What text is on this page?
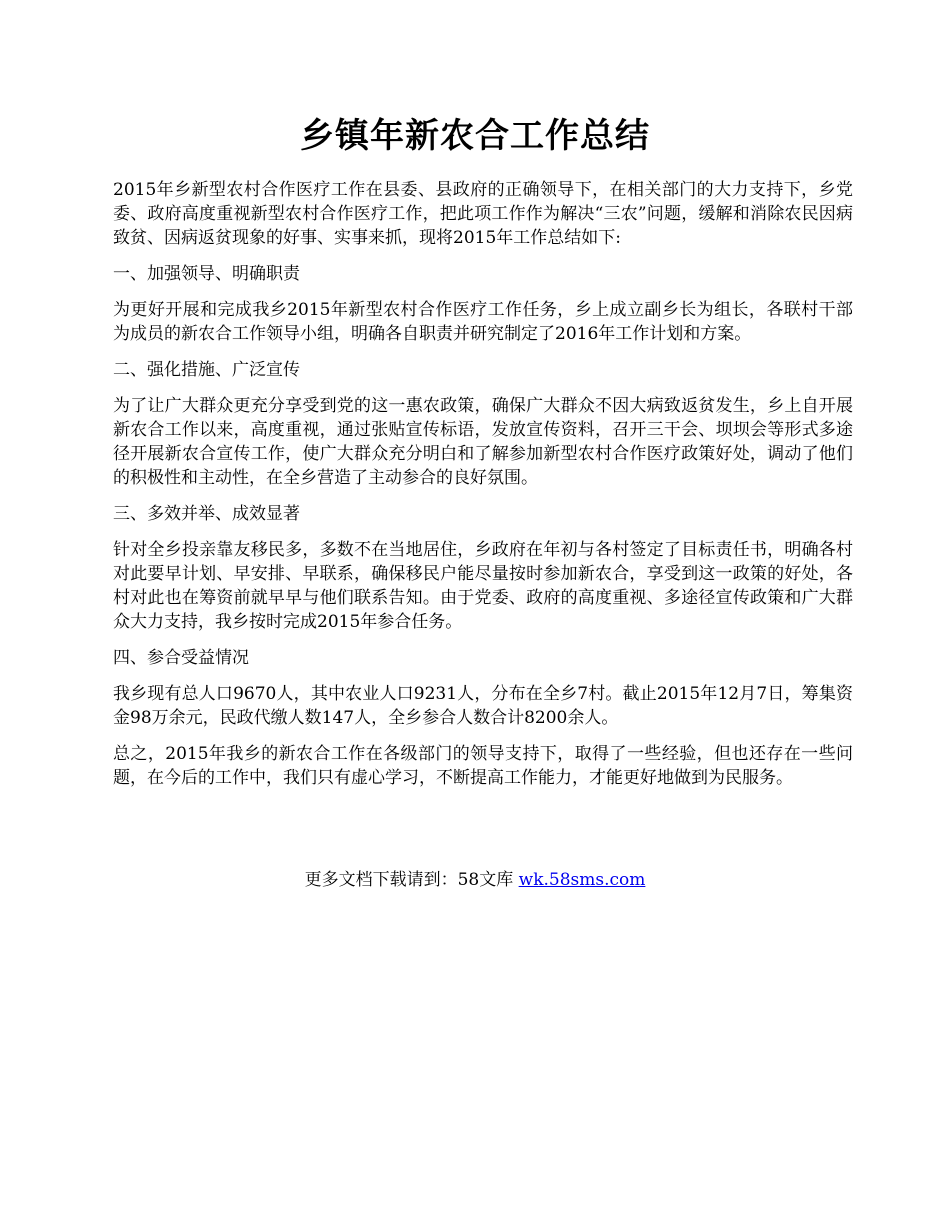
乡镇年新农合工作总结

2015年乡新型农村合作医疗工作在县委、县政府的正确领导下，在相关部门的大力支持下，乡党委、政府高度重视新型农村合作医疗工作，把此项工作作为解决“三农”问题，缓解和消除农民因病致贫、因病返贫现象的好事、实事来抓，现将2015年工作总结如下:

一、加强领导、明确职责

为更好开展和完成我乡2015年新型农村合作医疗工作任务，乡上成立副乡长为组长，各联村干部为成员的新农合工作领导小组，明确各自职责并研究制定了2016年工作计划和方案。

二、强化措施、广泛宣传

为了让广大群众更充分享受到党的这一惠农政策，确保广大群众不因大病致返贫发生，乡上自开展新农合工作以来，高度重视，通过张贴宣传标语，发放宣传资料，召开三干会、坝坝会等形式多途径开展新农合宣传工作，使广大群众充分明白和了解参加新型农村合作医疗政策好处，调动了他们的积极性和主动性，在全乡营造了主动参合的良好氛围。

三、多效并举、成效显著

针对全乡投亲靠友移民多，多数不在当地居住，乡政府在年初与各村签定了目标责任书，明确各村对此要早计划、早安排、早联系，确保移民户能尽量按时参加新农合，享受到这一政策的好处，各村对此也在筹资前就早早与他们联系告知。由于党委、政府的高度重视、多途径宣传政策和广大群众大力支持，我乡按时完成2015年参合任务。

四、参合受益情况

我乡现有总人口9670人，其中农业人口9231人，分布在全乡7村。截止2015年12月7日，筹集资金98万余元，民政代缴人数147人，全乡参合人数合计8200余人。

总之，2015年我乡的新农合工作在各级部门的领导支持下，取得了一些经验，但也还存在一些问题，在今后的工作中，我们只有虚心学习，不断提高工作能力，才能更好地做到为民服务。

更多文档下载请到：58文库 wk.58sms.com
